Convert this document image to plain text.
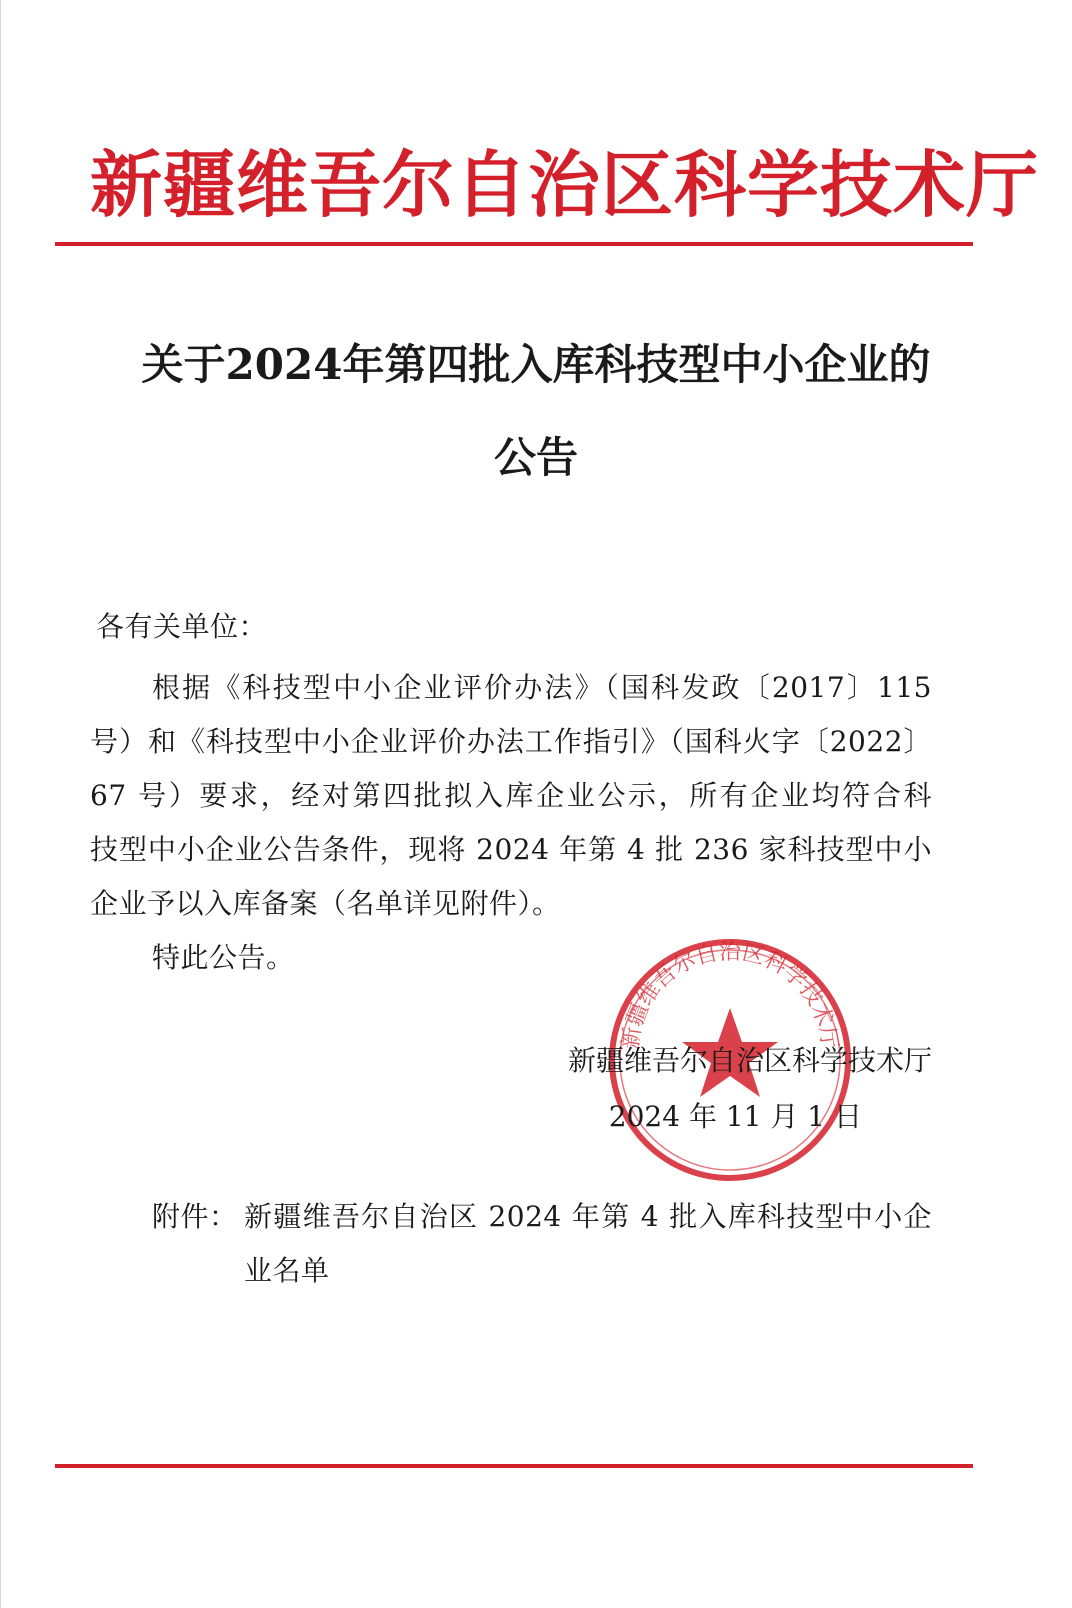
新疆维吾尔自治区科学技术厅
关于2024年第四批入库科技型中小企业的
公告
各有关单位：
根据《科技型中小企业评价办法》（国科发政〔2017〕115
号）和《科技型中小企业评价办法工作指引》（国科火字〔2022〕
67 号）要求，经对第四批拟入库企业公示，所有企业均符合科
技型中小企业公告条件，现将 2024 年第 4 批 236 家科技型中小
企业予以入库备案（名单详见附件）。
特此公告。
新疆维吾尔自治区科学技术厅
新疆维吾尔自治区科学技术厅
2024 年 11 月 1 日
附件： 新疆维吾尔自治区 2024 年第 4 批入库科技型中小企
业名单
